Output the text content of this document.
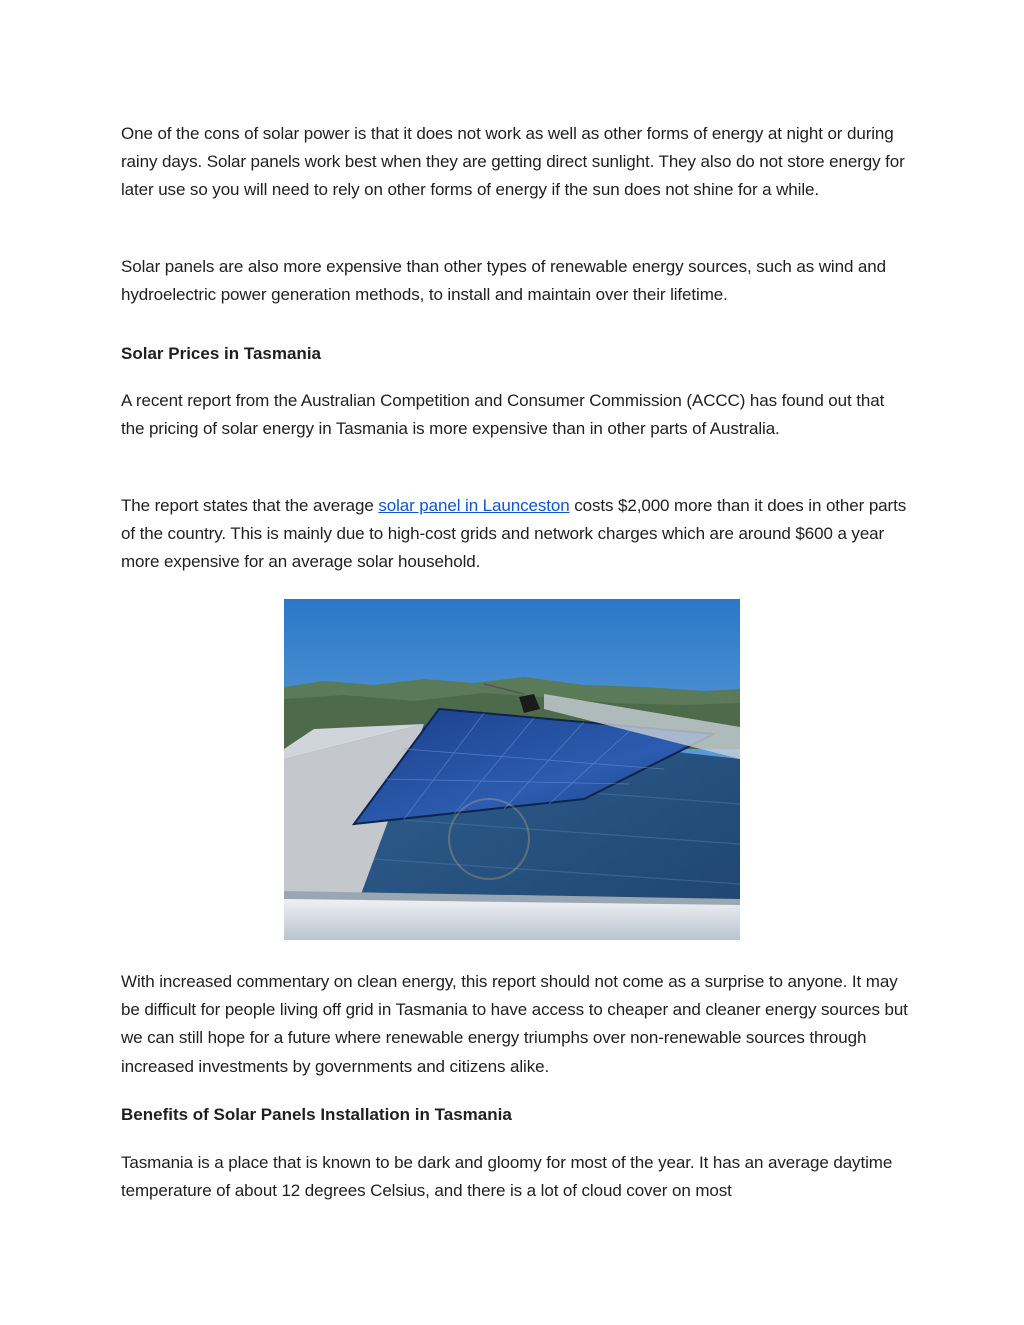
One of the cons of solar power is that it does not work as well as other forms of energy at night or during rainy days. Solar panels work best when they are getting direct sunlight. They also do not store energy for later use so you will need to rely on other forms of energy if the sun does not shine for a while.

Solar panels are also more expensive than other types of renewable energy sources, such as wind and hydroelectric power generation methods, to install and maintain over their lifetime.

Solar Prices in Tasmania

A recent report from the Australian Competition and Consumer Commission (ACCC) has found out that the pricing of solar energy in Tasmania is more expensive than in other parts of Australia.

The report states that the average solar panel in Launceston costs $2,000 more than it does in other parts of the country. This is mainly due to high-cost grids and network charges which are around $600 a year more expensive for an average solar household.

With increased commentary on clean energy, this report should not come as a surprise to anyone. It may be difficult for people living off grid in Tasmania to have access to cheaper and cleaner energy sources but we can still hope for a future where renewable energy triumphs over non-renewable sources through increased investments by governments and citizens alike.

Benefits of Solar Panels Installation in Tasmania

Tasmania is a place that is known to be dark and gloomy for most of the year. It has an average daytime temperature of about 12 degrees Celsius, and there is a lot of cloud cover on most
